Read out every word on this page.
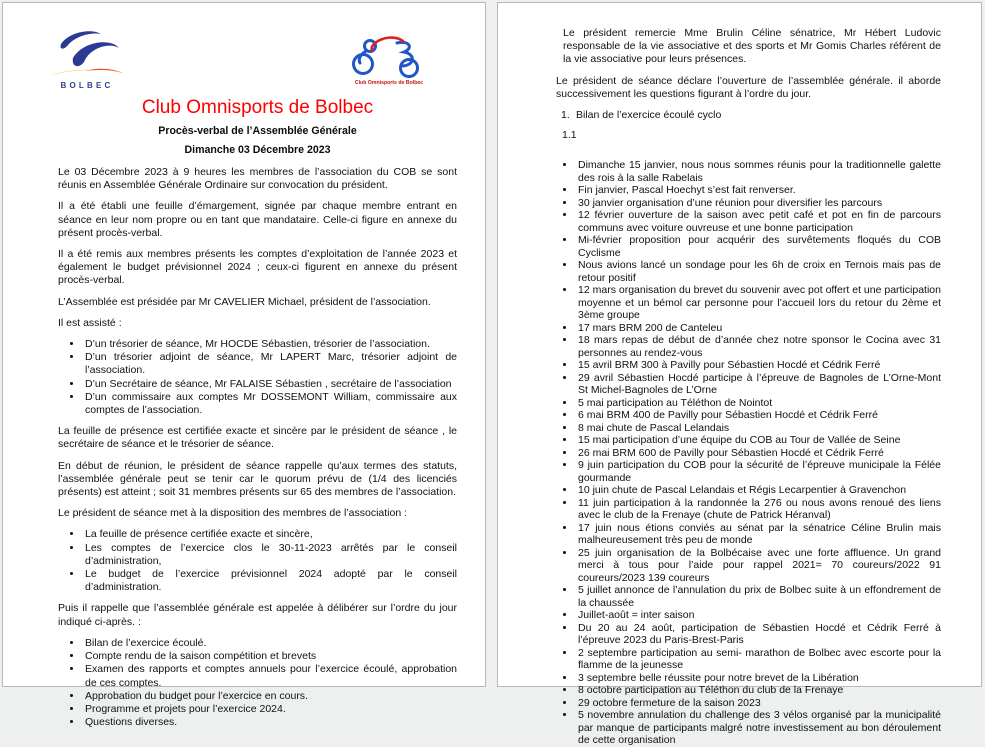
BOLBEC	Club Omnisports de Bolbec
Club Omnisports de Bolbec

Procès-verbal de l’Assemblée Générale

Dimanche 03 Décembre 2023

Le 03 Décembre 2023 à 9 heures les membres de l’association du COB se sont réunis en Assemblée Générale Ordinaire sur convocation du président.

Il a été établi une feuille d’émargement, signée par chaque membre entrant en séance en leur nom propre ou en tant que mandataire. Celle-ci figure en annexe du présent procès-verbal.

Il a été remis aux membres présents les comptes d’exploitation de l’année 2023 et également le budget prévisionnel 2024 ; ceux-ci figurent en annexe du présent procès-verbal.

L’Assemblée est présidée par Mr CAVELIER Michael, président de l’association.

Il est assisté :

• D’un trésorier de séance, Mr HOCDE Sébastien, trésorier de l’association.
• D’un trésorier adjoint de séance, Mr LAPERT Marc, trésorier adjoint de l’association.
• D’un Secrétaire de séance, Mr FALAISE Sébastien , secrétaire de l’association
• D’un commissaire aux comptes Mr DOSSEMONT William, commissaire aux comptes de l’association.

La feuille de présence est certifiée exacte et sincère par le président de séance , le secrétaire de séance et le trésorier de séance.

En début de réunion, le président de séance rappelle qu’aux termes des statuts, l’assemblée générale peut se tenir car le quorum prévu de (1/4 des licenciés présents) est atteint ; soit 31 membres présents sur 65 des membres de l’association.

Le président de séance met à la disposition des membres de l’association :

• La feuille de présence certifiée exacte et sincère,
• Les comptes de l’exercice clos le 30-11-2023 arrêtés par le conseil d’administration,
• Le budget de l’exercice prévisionnel 2024 adopté par le conseil d’administration.

Puis il rappelle que l’assemblée générale est appelée à délibérer sur l’ordre du jour indiqué ci-après. :

• Bilan de l’exercice écoulé.
• Compte rendu de la saison compétition et brevets
• Examen des rapports et comptes annuels pour l’exercice écoulé, approbation de ces comptes.
• Approbation du budget pour l’exercice en cours.
• Programme et projets pour l’exercice 2024.
• Questions diverses.

Le président remercie Mme Brulin Céline sénatrice, Mr Hébert Ludovic responsable de la vie associative et des sports et Mr Gomis Charles référent de la vie associative pour leurs présences.

Le président de séance déclare l’ouverture de l’assemblée générale. il aborde successivement les questions figurant à l’ordre du jour.

1. Bilan de l’exercice écoulé cyclo

1.1

• Dimanche 15 janvier, nous nous sommes réunis pour la traditionnelle galette des rois à la salle Rabelais
• Fin janvier, Pascal Hoechyt s’est fait renverser.
• 30 janvier organisation d’une réunion pour diversifier les parcours
• 12 février ouverture de la saison avec petit café et pot en fin de parcours communs avec voiture ouvreuse et une bonne participation
• Mi-février proposition pour acquérir des survêtements floqués du COB Cyclisme
• Nous avions lancé un sondage pour les 6h de croix en Ternois mais pas de retour positif
• 12 mars organisation du brevet du souvenir avec pot offert et une participation moyenne et un bémol car personne pour l’accueil lors du retour du 2ème et 3ème groupe
• 17 mars BRM 200 de Canteleu
• 18 mars repas de début de d’année chez notre sponsor le Cocina avec 31 personnes au rendez-vous
• 15 avril BRM 300 à Pavilly pour Sébastien Hocdé et Cédrik Ferré
• 29 avril Sébastien Hocdé participe à l’épreuve de Bagnoles de L’Orne-Mont St Michel-Bagnoles de L’Orne
• 5 mai participation au Téléthon de Nointot
• 6 mai BRM 400 de Pavilly pour Sébastien Hocdé et Cédrik Ferré
• 8 mai chute de Pascal Lelandais
• 15 mai participation d’une équipe du COB au Tour de Vallée de Seine
• 26 mai BRM 600 de Pavilly pour Sébastien Hocdé et Cédrik Ferré
• 9 juin participation du COB pour la sécurité de l’épreuve municipale la Félée gourmande
• 10 juin chute de Pascal Lelandais et Régis Lecarpentier à Gravenchon
• 11 juin participation à la randonnée la 276 ou nous avons renoué des liens avec le club de la Frenaye (chute de Patrick Héranval)
• 17 juin nous étions conviés au sénat par la sénatrice Céline Brulin mais malheureusement très peu de monde
• 25 juin organisation de la Bolbécaise avec une forte affluence. Un grand merci à tous pour l’aide pour rappel 2021= 70 coureurs/2022 91 coureurs/2023 139 coureurs
• 5 juillet annonce de l’annulation du prix de Bolbec suite à un effondrement de la chaussée
• Juillet-août = inter saison
• Du 20 au 24 août, participation de Sébastien Hocdé et Cédrik Ferré à l’épreuve 2023 du Paris-Brest-Paris
• 2 septembre participation au semi- marathon de Bolbec avec escorte pour la flamme de la jeunesse
• 3 septembre belle réussite pour notre brevet de la Libération
• 8 octobre participation au Téléthon du club de la Frenaye
• 29 octobre fermeture de la saison 2023
• 5 novembre annulation du challenge des 3 vélos organisé par la municipalité par manque de participants malgré notre investissement au bon déroulement de cette organisation
